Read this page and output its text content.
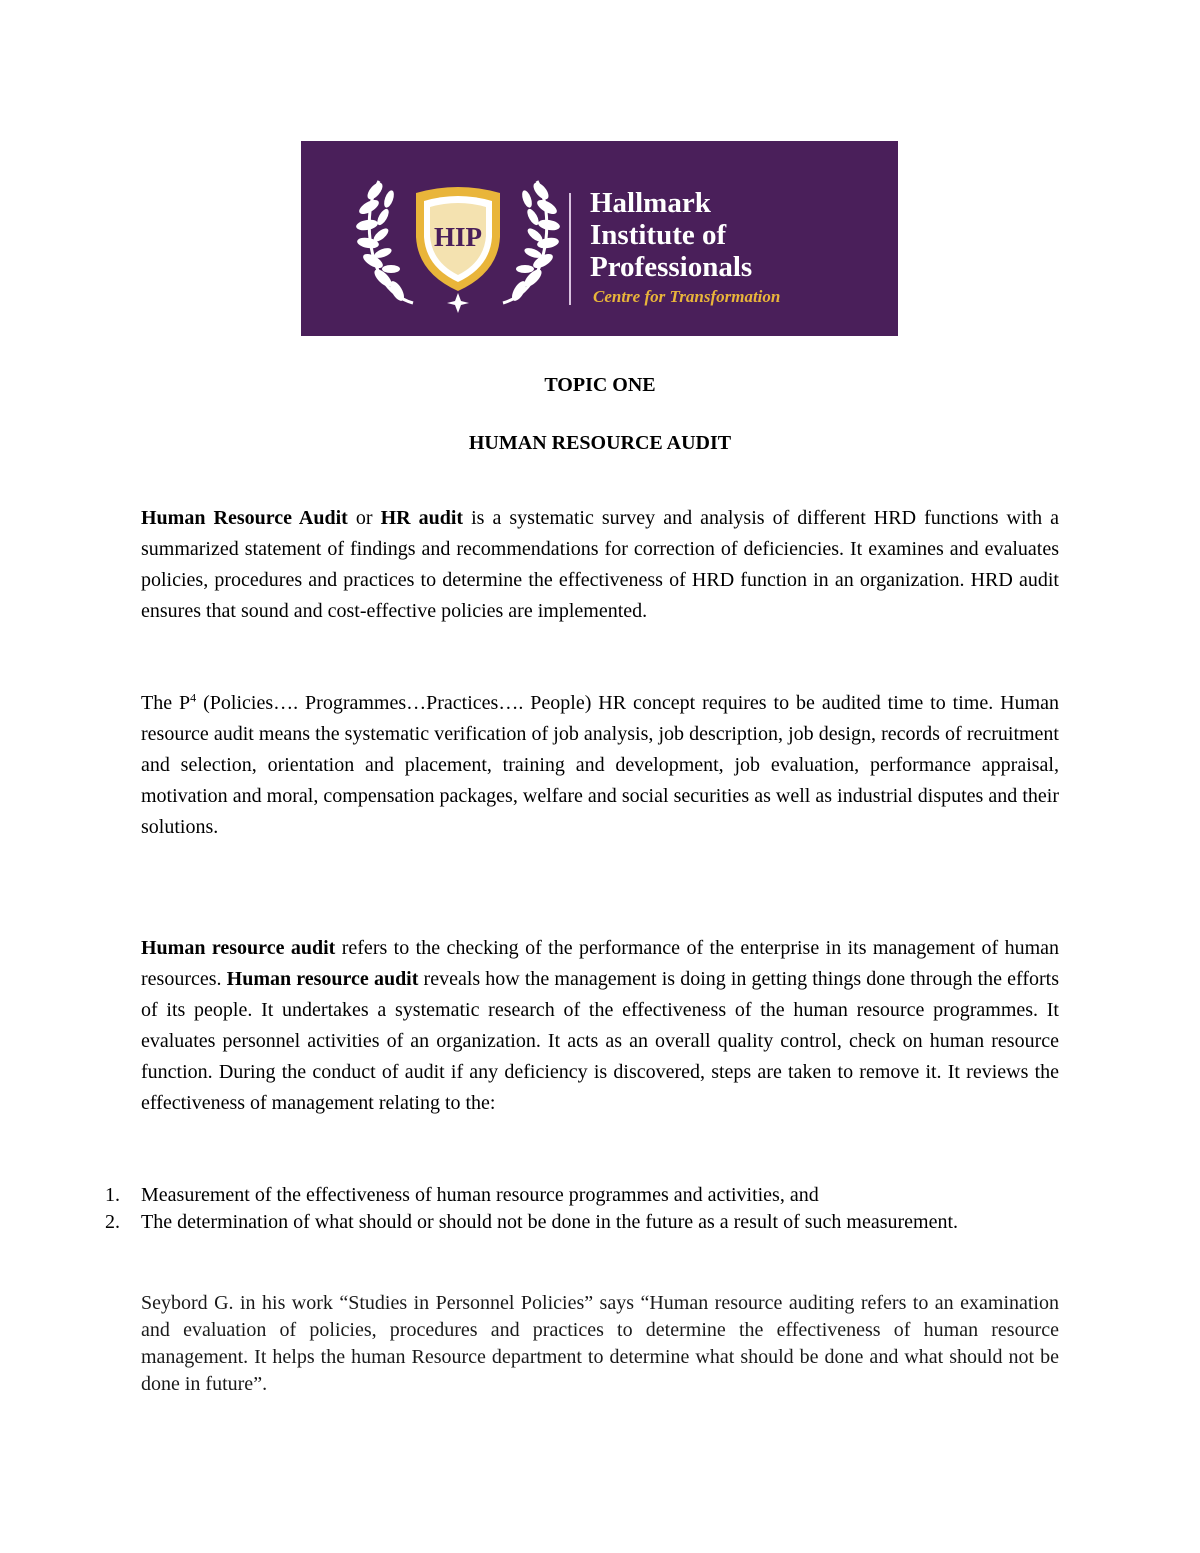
HIP
Hallmark
Institute of
Professionals
Centre for Transformation
TOPIC ONE
HUMAN RESOURCE AUDIT
Human Resource Audit or HR audit is a systematic survey and analysis of different HRD functions with a summarized statement of findings and recommendations for correction of deficiencies. It examines and evaluates policies, procedures and practices to determine the effectiveness of HRD function in an organization. HRD audit ensures that sound and cost-effective policies are implemented.
The $P^4$ (Policies…. Programmes…Practices…. People) HR concept requires to be audited time to time. Human resource audit means the systematic verification of job analysis, job description, job design, records of recruitment and selection, orientation and placement, training and development, job evaluation, performance appraisal, motivation and moral, compensation packages, welfare and social securities as well as industrial disputes and their solutions.
Human resource audit refers to the checking of the performance of the enterprise in its management of human resources. Human resource audit reveals how the management is doing in getting things done through the efforts of its people. It undertakes a systematic research of the effectiveness of the human resource programmes. It evaluates personnel activities of an organization. It acts as an overall quality control, check on human resource function. During the conduct of audit if any deficiency is discovered, steps are taken to remove it. It reviews the effectiveness of management relating to the:
1. Measurement of the effectiveness of human resource programmes and activities, and
2. The determination of what should or should not be done in the future as a result of such measurement.
Seybord G. in his work “Studies in Personnel Policies” says “Human resource auditing refers to an examination and evaluation of policies, procedures and practices to determine the effectiveness of human resource management. It helps the human Resource department to determine what should be done and what should not be done in future”.
